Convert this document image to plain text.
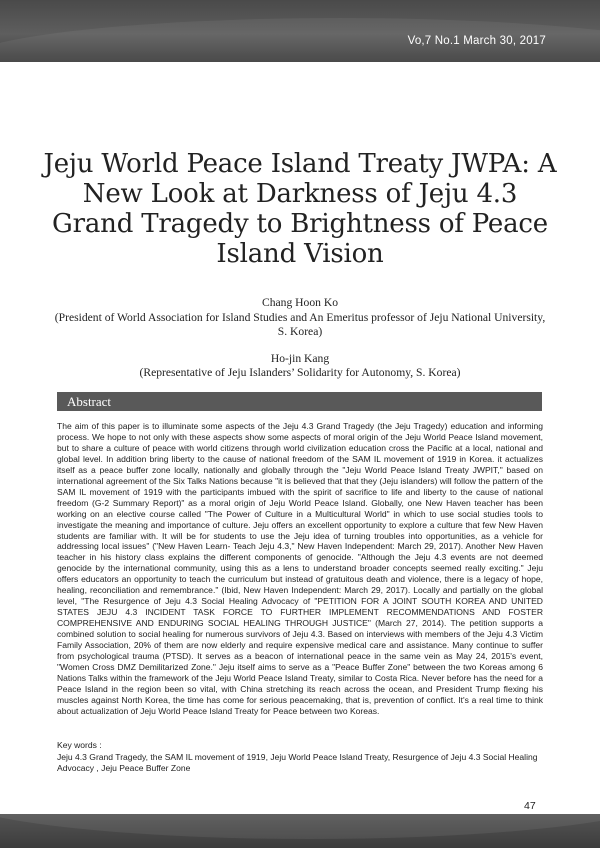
Vo,7 No.1 March 30, 2017
Jeju World Peace Island Treaty JWPA: A New Look at Darkness of Jeju 4.3 Grand Tragedy to Brightness of Peace Island Vision
Chang Hoon Ko
(President of World Association for Island Studies and An Emeritus professor of Jeju National University, S. Korea)
Ho-jin Kang
(Representative of Jeju Islanders’ Solidarity for Autonomy, S. Korea)
Abstract

The aim of this paper is to illuminate some aspects of the Jeju 4.3 Grand Tragedy (the Jeju Tragedy) education and informing process. We hope to not only with these aspects show some aspects of moral origin of the Jeju World Peace Island movement, but to share a culture of peace with world citizens through world civilization education cross the Pacific at a local, national and global level. In addition bring liberty to the cause of national freedom of the SAM IL movement of 1919 in Korea. it actualizes itself as a peace buffer zone locally, nationally and globally through the "Jeju World Peace Island Treaty JWPIT," based on international agreement of the Six Talks Nations because "it is believed that that they (Jeju islanders) will follow the pattern of the SAM IL movement of 1919 with the participants imbued with the spirit of sacrifice to life and liberty to the cause of national freedom (G-2 Summary Report)" as a moral origin of Jeju World Peace Island. Globally, one New Haven teacher has been working on an elective course called "The Power of Culture in a Multicultural World" in which to use social studies tools to investigate the meaning and importance of culture. Jeju offers an excellent opportunity to explore a culture that few New Haven students are familiar with. It will be for students to use the Jeju idea of turning troubles into opportunities, as a vehicle for addressing local issues" ("New Haven Learn- Teach Jeju 4.3," New Haven Independent: March 29, 2017). Another New Haven teacher in his history class explains the different components of genocide. "Although the Jeju 4.3 events are not deemed genocide by the international community, using this as a lens to understand broader concepts seemed really exciting." Jeju offers educators an opportunity to teach the curriculum but instead of gratuitous death and violence, there is a legacy of hope, healing, reconciliation and remembrance." (Ibid, New Haven Independent: March 29, 2017). Locally and partially on the global level, "The Resurgence of Jeju 4.3 Social Healing Advocacy of "PETITION FOR A JOINT SOUTH KOREA AND UNITED STATES JEJU 4.3 INCIDENT TASK FORCE TO FURTHER IMPLEMENT RECOMMENDATIONS AND FOSTER COMPREHENSIVE AND ENDURING SOCIAL HEALING THROUGH JUSTICE" (March 27, 2014). The petition supports a combined solution to social healing for numerous survivors of Jeju 4.3. Based on interviews with members of the Jeju 4.3 Victim Family Association, 20% of them are now elderly and require expensive medical care and assistance. Many continue to suffer from psychological trauma (PTSD). It serves as a beacon of international peace in the same vein as May 24, 2015's event, "Women Cross DMZ Demilitarized Zone." Jeju itself aims to serve as a "Peace Buffer Zone" between the two Koreas among 6 Nations Talks within the framework of the Jeju World Peace Island Treaty, similar to Costa Rica. Never before has the need for a Peace Island in the region been so vital, with China stretching its reach across the ocean, and President Trump flexing his muscles against North Korea, the time has come for serious peacemaking, that is, prevention of conflict. It's a real time to think about actualization of Jeju World Peace Island Treaty for Peace between two Koreas.

Key words :
Jeju 4.3 Grand Tragedy, the SAM IL movement of 1919, Jeju World Peace Island Treaty, Resurgence of Jeju 4.3 Social Healing Advocacy , Jeju Peace Buffer Zone
47
